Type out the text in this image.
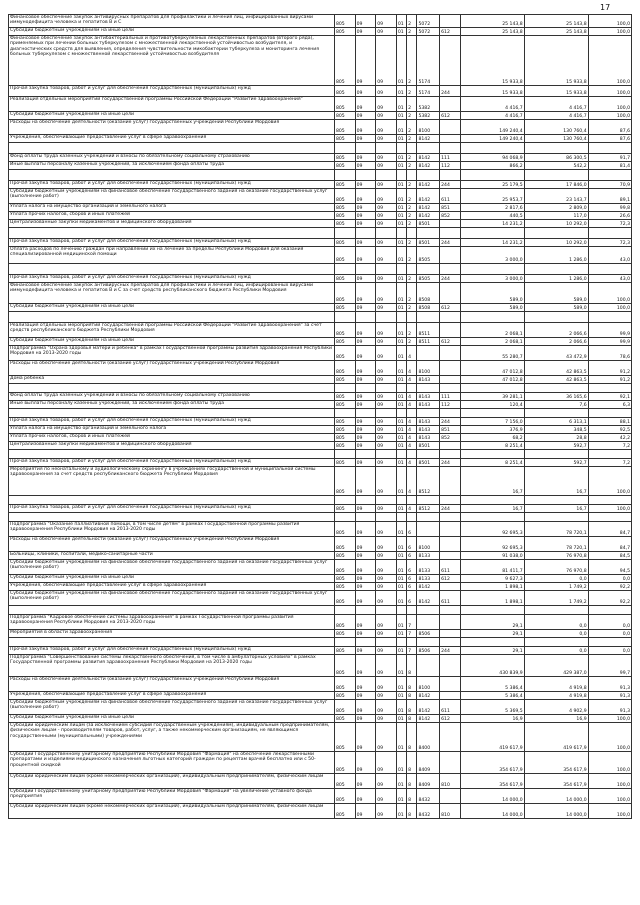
17
Финансовое обеспечение закупок антивирусных препаратов для профилактики и лечения лиц, инфицированных вирусами иммунодефицита человека и гепатитов В и С	805	09	09	01	2	5072		25 143,8	25 143,8	100,0
Субсидии бюджетным учреждениям на иные цели	805	09	09	01	2	5072	612	25 143,8	25 143,8	100,0
Финансовое обеспечение закупок антибактериальных и противотуберкулезных лекарственных препаратов (второго ряда), применяемых при лечении больных туберкулезом с множественной лекарственной устойчивостью возбудителя, и диагностических средств для выявления, определения чувствительности микобактерии туберкулеза и мониторинга лечения больных туберкулезом с множественной лекарственной устойчивостью возбудителя	805	09	09	01	2	5174		15 933,8	15 933,8	100,0
Прочая закупка товаров, работ и услуг для обеспечения государственных (муниципальных) нужд	805	09	09	01	2	5174	244	15 933,8	15 933,8	100,0
Реализация отдельных мероприятий государственной программы Российской Федерации "Развитие здравоохранения"	805	09	09	01	2	5382		4 416,7	4 416,7	100,0
Субсидии бюджетным учреждениям на иные цели	805	09	09	01	2	5382	612	4 416,7	4 416,7	100,0
Расходы на обеспечение деятельности (оказание услуг) государственных учреждений Республики Мордовия	805	09	09	01	2	8100		149 240,4	130 760,4	87,6
Учреждения, обеспечивающие предоставление услуг в сфере здравоохранения	805	09	09	01	2	8142		149 240,4	130 760,4	87,6

Фонд оплаты труда казенных учреждений и взносы по обязательному социальному страхованию	805	09	09	01	2	8142	111	94 068,9	86 300,5	91,7
Иные выплаты персоналу казенных учреждений, за исключением фонда оплаты труда	805	09	09	01	2	8142	112	866,2	542,2	81,4

Прочая закупка товаров, работ и услуг для обеспечения государственных (муниципальных) нужд	805	09	09	01	2	8142	244	25 179,5	17 846,0	70,9
Субсидии бюджетным учреждениям на финансовое обеспечение государственного задания на оказание государственных услуг (выполнение работ)	805	09	09	01	2	8142	611	25 953,7	23 143,7	89,1
Уплата налога на имущество организаций и земельного налога	805	09	09	01	2	8142	851	2 817,6	2 809,0	99,8
Уплата прочих налогов, сборов и иных платежей	805	09	09	01	2	8142	852	440,5	117,0	26,6
Централизованные закупки медикаментов и медицинского оборудования	805	09	09	01	2	8501		14 231,2	10 292,0	72,3

Прочая закупка товаров, работ и услуг для обеспечения государственных (муниципальных) нужд	805	09	09	01	2	8501	244	14 231,2	10 292,0	72,3
Оплата расходов по лечению граждан при направлении их на лечение за пределы Республики Мордовия для оказания специализированной медицинской помощи	805	09	09	01	2	8505		3 000,0	1 286,0	43,0

Прочая закупка товаров, работ и услуг для обеспечения государственных (муниципальных) нужд	805	09	09	01	2	8505	244	3 000,0	1 286,0	43,0
Финансовое обеспечение закупок антивирусных препаратов для профилактики и лечения лиц, инфицированных вирусами иммунодефицита человека и гепатитов В и С за счет средств республиканского бюджета Республики Мордовия	805	09	09	01	2	8508		589,0	589,0	100,0
Субсидии бюджетным учреждениям на иные цели	805	09	09	01	2	8508	612	589,0	589,0	100,0

Реализация отдельных мероприятий государственной программы Российской Федерации "Развитие здравоохранения" за счет средств республиканского бюджета Республики Мордовия	805	09	09	01	2	8511		2 068,1	2 066,6	99,9
Субсидии бюджетным учреждениям на иные цели	805	09	09	01	2	8511	612	2 068,1	2 066,6	99,9
Подпрограмма "Охрана здоровья матери и ребенка" в рамках Государственной программы развития здравоохранения Республики Мордовия на 2013-2020 годы	805	09	09	01	4			55 280,7	43 472,9	78,6
Расходы на обеспечение деятельности (оказание услуг) государственных учреждений Республики Мордовия	805	09	09	01	4	8100		47 012,8	42 863,5	91,2
Дома ребенка	805	09	09	01	4	8143		47 012,8	42 863,5	91,2

Фонд оплаты труда казенных учреждений и взносы по обязательному социальному страхованию	805	09	09	01	4	8143	111	39 281,1	36 165,6	92,1
Иные выплаты персоналу казенных учреждений, за исключением фонда оплаты труда	805	09	09	01	4	8143	112	120,4	7,6	6,3

Прочая закупка товаров, работ и услуг для обеспечения государственных (муниципальных) нужд	805	09	09	01	4	8143	244	7 156,0	6 313,1	88,1
Уплата налога на имущество организаций и земельного налога	805	09	09	01	4	8143	851	376,9	348,5	92,5
Уплата прочих налогов, сборов и иных платежей	805	09	09	01	4	8143	852	68,2	28,8	42,2
Централизованные закупки медикаментов и медицинского оборудования	805	09	09	01	4	8501		8 251,4	592,7	7,2

Прочая закупка товаров, работ и услуг для обеспечения государственных (муниципальных) нужд	805	09	09	01	4	8501	244	8 251,4	592,7	7,2
Мероприятия по неонатальному и аудиологическому скринингу в учреждениях государственной и муниципальной системы здравоохранения за счет средств республиканского бюджета Республики Мордовия	805	09	09	01	4	8512		16,7	16,7	100,0

Прочая закупка товаров, работ и услуг для обеспечения государственных (муниципальных) нужд	805	09	09	01	4	8512	244	16,7	16,7	100,0

Подпрограмма "Оказание паллиативной помощи, в том числе детям" в рамках Государственной программы развития здравоохранения Республики Мордовия на 2013-2020 годы	805	09	09	01	6			92 695,3	78 720,1	84,7
Расходы на обеспечение деятельности (оказание услуг) государственных учреждений Республики Мордовия	805	09	09	01	6	8100		92 695,3	78 720,1	84,7
Больницы, клиники, госпитали, медико-санитарные части	805	09	09	01	6	8133		91 038,0	76 970,8	84,5
Субсидии бюджетным учреждениям на финансовое обеспечение государственного задания на оказание государственных услуг (выполнение работ)	805	09	09	01	6	8133	611	81 411,7	76 970,8	94,5
Субсидии бюджетным учреждениям на иные цели	805	09	09	01	6	8133	612	9 627,3	0,0	0,0
Учреждения, обеспечивающие предоставление услуг в сфере здравоохранения	805	09	09	01	6	8142		1 898,1	1 749,2	92,2
Субсидии бюджетным учреждениям на финансовое обеспечение государственного задания на оказание государственных услуг (выполнение работ)	805	09	09	01	6	8142	611	1 898,1	1 749,2	92,2

Подпрограмма "Кадровое обеспечение системы здравоохранения" в рамках Государственной программы развития здравоохранения Республики Мордовия на 2013-2020 годы	805	09	09	01	7			29,1	0,0	0,0
Мероприятия в области здравоохранения	805	09	09	01	7	8506		29,1	0,0	0,0

Прочая закупка товаров, работ и услуг для обеспечения государственных (муниципальных) нужд	805	09	09	01	7	8506	244	29,1	0,0	0,0
Подпрограмма "Совершенствование системы лекарственного обеспечения, в том числе в амбулаторных условиях" в рамках Государственной программы развития здравоохранения Республики Мордовия на 2013-2020 годы	805	09	09	01	8			430 839,9	429 387,0	99,7
Расходы на обеспечение деятельности (оказание услуг) государственных учреждений Республики Мордовия	805	09	09	01	8	8100		5 386,4	4 919,8	91,3
Учреждения, обеспечивающие предоставление услуг в сфере здравоохранения	805	09	09	01	8	8142		5 386,4	4 919,8	91,3
Субсидии бюджетным учреждениям на финансовое обеспечение государственного задания на оказание государственных услуг (выполнение работ)	805	09	09	01	8	8142	611	5 369,5	4 902,9	91,3
Субсидии бюджетным учреждениям на иные цели	805	09	09	01	8	8142	612	16,9	16,9	100,0
Субсидии юридическим лицам (за исключением субсидий государственным учреждениям), индивидуальным предпринимателям, физическим лицам - производителям товаров, работ, услуг, а также некоммерческим организациям, не являющимся государственными (муниципальными) учреждениями	805	09	09	01	8	8400		419 617,9	419 617,9	100,0
Субсидии Государственному унитарному предприятию Республики Мордовия "Фармация" на обеспечение лекарственными препаратами и изделиями медицинского назначения льготных категорий граждан по рецептам врачей бесплатно или с 50-процентной скидкой	805	09	09	01	8	8409		354 617,9	354 617,9	100,0
Субсидии юридическим лицам (кроме некоммерческих организаций), индивидуальным предпринимателям, физическим лицам	805	09	09	01	8	8409	810	354 617,9	354 617,9	100,0
Субсидии Государственному унитарному предприятию Республики Мордовия "Фармация" на увеличение уставного фонда предприятия	805	09	09	01	8	8432		14 000,0	14 000,0	100,0
Субсидии юридическим лицам (кроме некоммерческих организаций), индивидуальным предпринимателям, физическим лицам	805	09	09	01	8	8432	810	14 000,0	14 000,0	100,0
